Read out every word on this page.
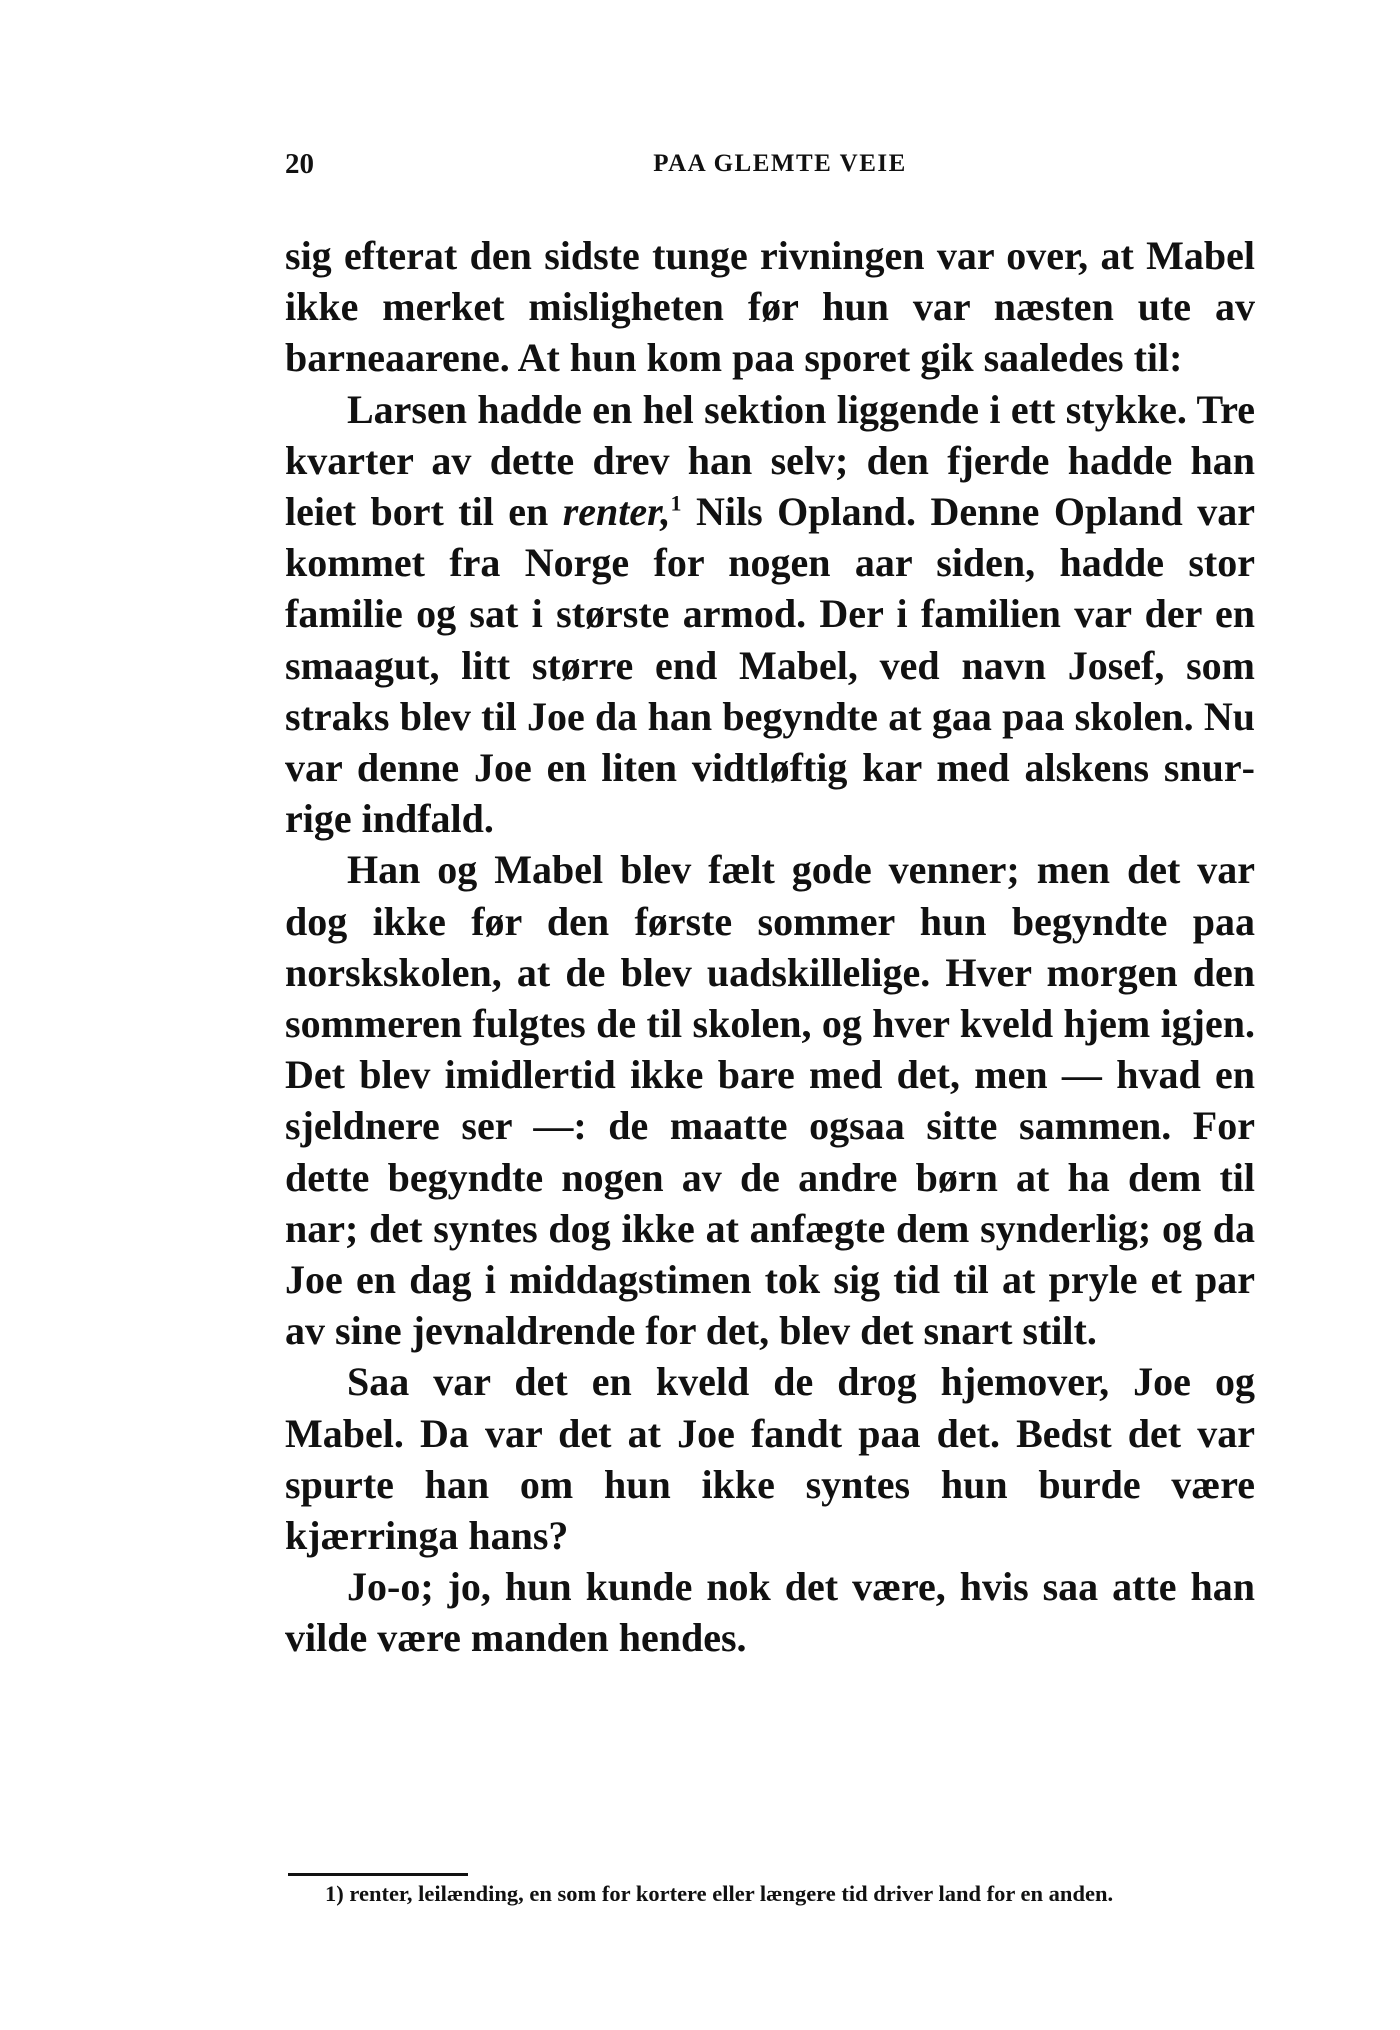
20	PAA GLEMTE VEIE

sig efterat den sidste tunge rivningen var over, at Mabel ikke merket misligheten før hun var næsten ute av barneaarene. At hun kom paa sporet gik saaledes til:

Larsen hadde en hel sektion liggende i ett stykke. Tre kvarter av dette drev han selv; den fjerde hadde han leiet bort til en renter,$^1$ Nils Opland. Denne Opland var kommet fra Norge for nogen aar siden, hadde stor familie og sat i største armod. Der i familien var der en smaagut, litt større end Mabel, ved navn Josef, som straks blev til Joe da han begyndte at gaa paa skolen. Nu var denne Joe en liten vidtløftig kar med alskens snurrige indfald.

Han og Mabel blev fælt gode venner; men det var dog ikke før den første sommer hun begyndte paa norskskolen, at de blev uadskillelige. Hver morgen den sommeren fulgtes de til skolen, og hver kveld hjem igjen. Det blev imidlertid ikke bare med det, men — hvad en sjeldnere ser —: de maatte ogsaa sitte sammen. For dette begyndte nogen av de andre børn at ha dem til nar; det syntes dog ikke at anfægte dem synderlig; og da Joe en dag i middagstimen tok sig tid til at pryle et par av sine jevnaldrende for det, blev det snart stilt.

Saa var det en kveld de drog hjemover, Joe og Mabel. Da var det at Joe fandt paa det. Bedst det var spurte han om hun ikke syntes hun burde være kjærringa hans?

Jo-o; jo, hun kunde nok det være, hvis saa atte han vilde være manden hendes.

1) renter, leilænding, en som for kortere eller længere tid driver land for en anden.
